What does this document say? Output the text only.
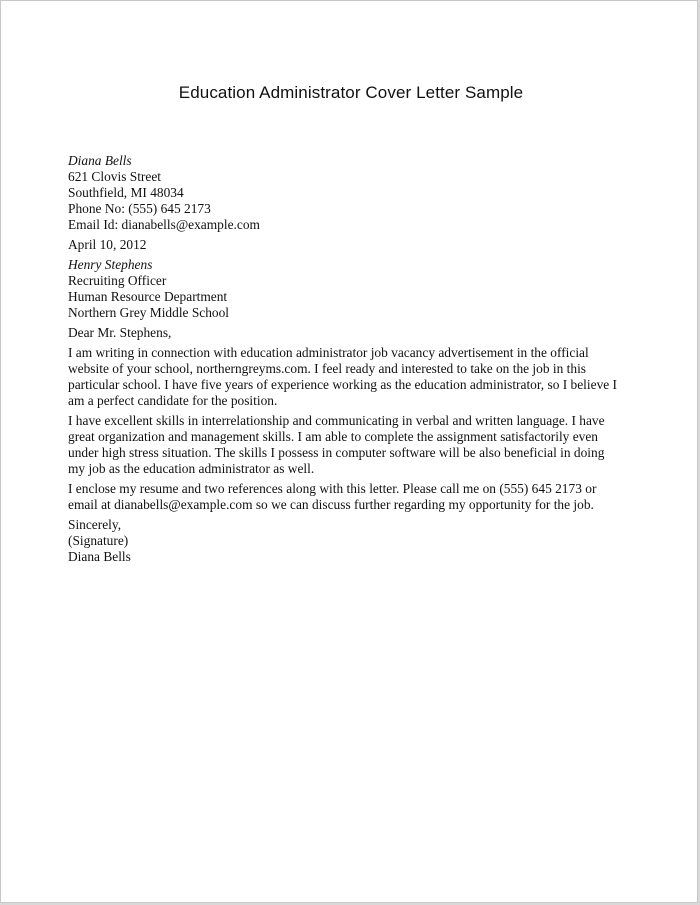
Education Administrator Cover Letter Sample
Diana Bells
621 Clovis Street
Southfield, MI 48034
Phone No: (555) 645 2173
Email Id: dianabells@example.com
April 10, 2012
Henry Stephens
Recruiting Officer
Human Resource Department
Northern Grey Middle School
Dear Mr. Stephens,
I am writing in connection with education administrator job vacancy advertisement in the official
website of your school, northerngreyms.com. I feel ready and interested to take on the job in this
particular school. I have five years of experience working as the education administrator, so I believe I
am a perfect candidate for the position.
I have excellent skills in interrelationship and communicating in verbal and written language. I have
great organization and management skills. I am able to complete the assignment satisfactorily even
under high stress situation. The skills I possess in computer software will be also beneficial in doing
my job as the education administrator as well.
I enclose my resume and two references along with this letter. Please call me on (555) 645 2173 or
email at dianabells@example.com so we can discuss further regarding my opportunity for the job.
Sincerely,
(Signature)
Diana Bells
